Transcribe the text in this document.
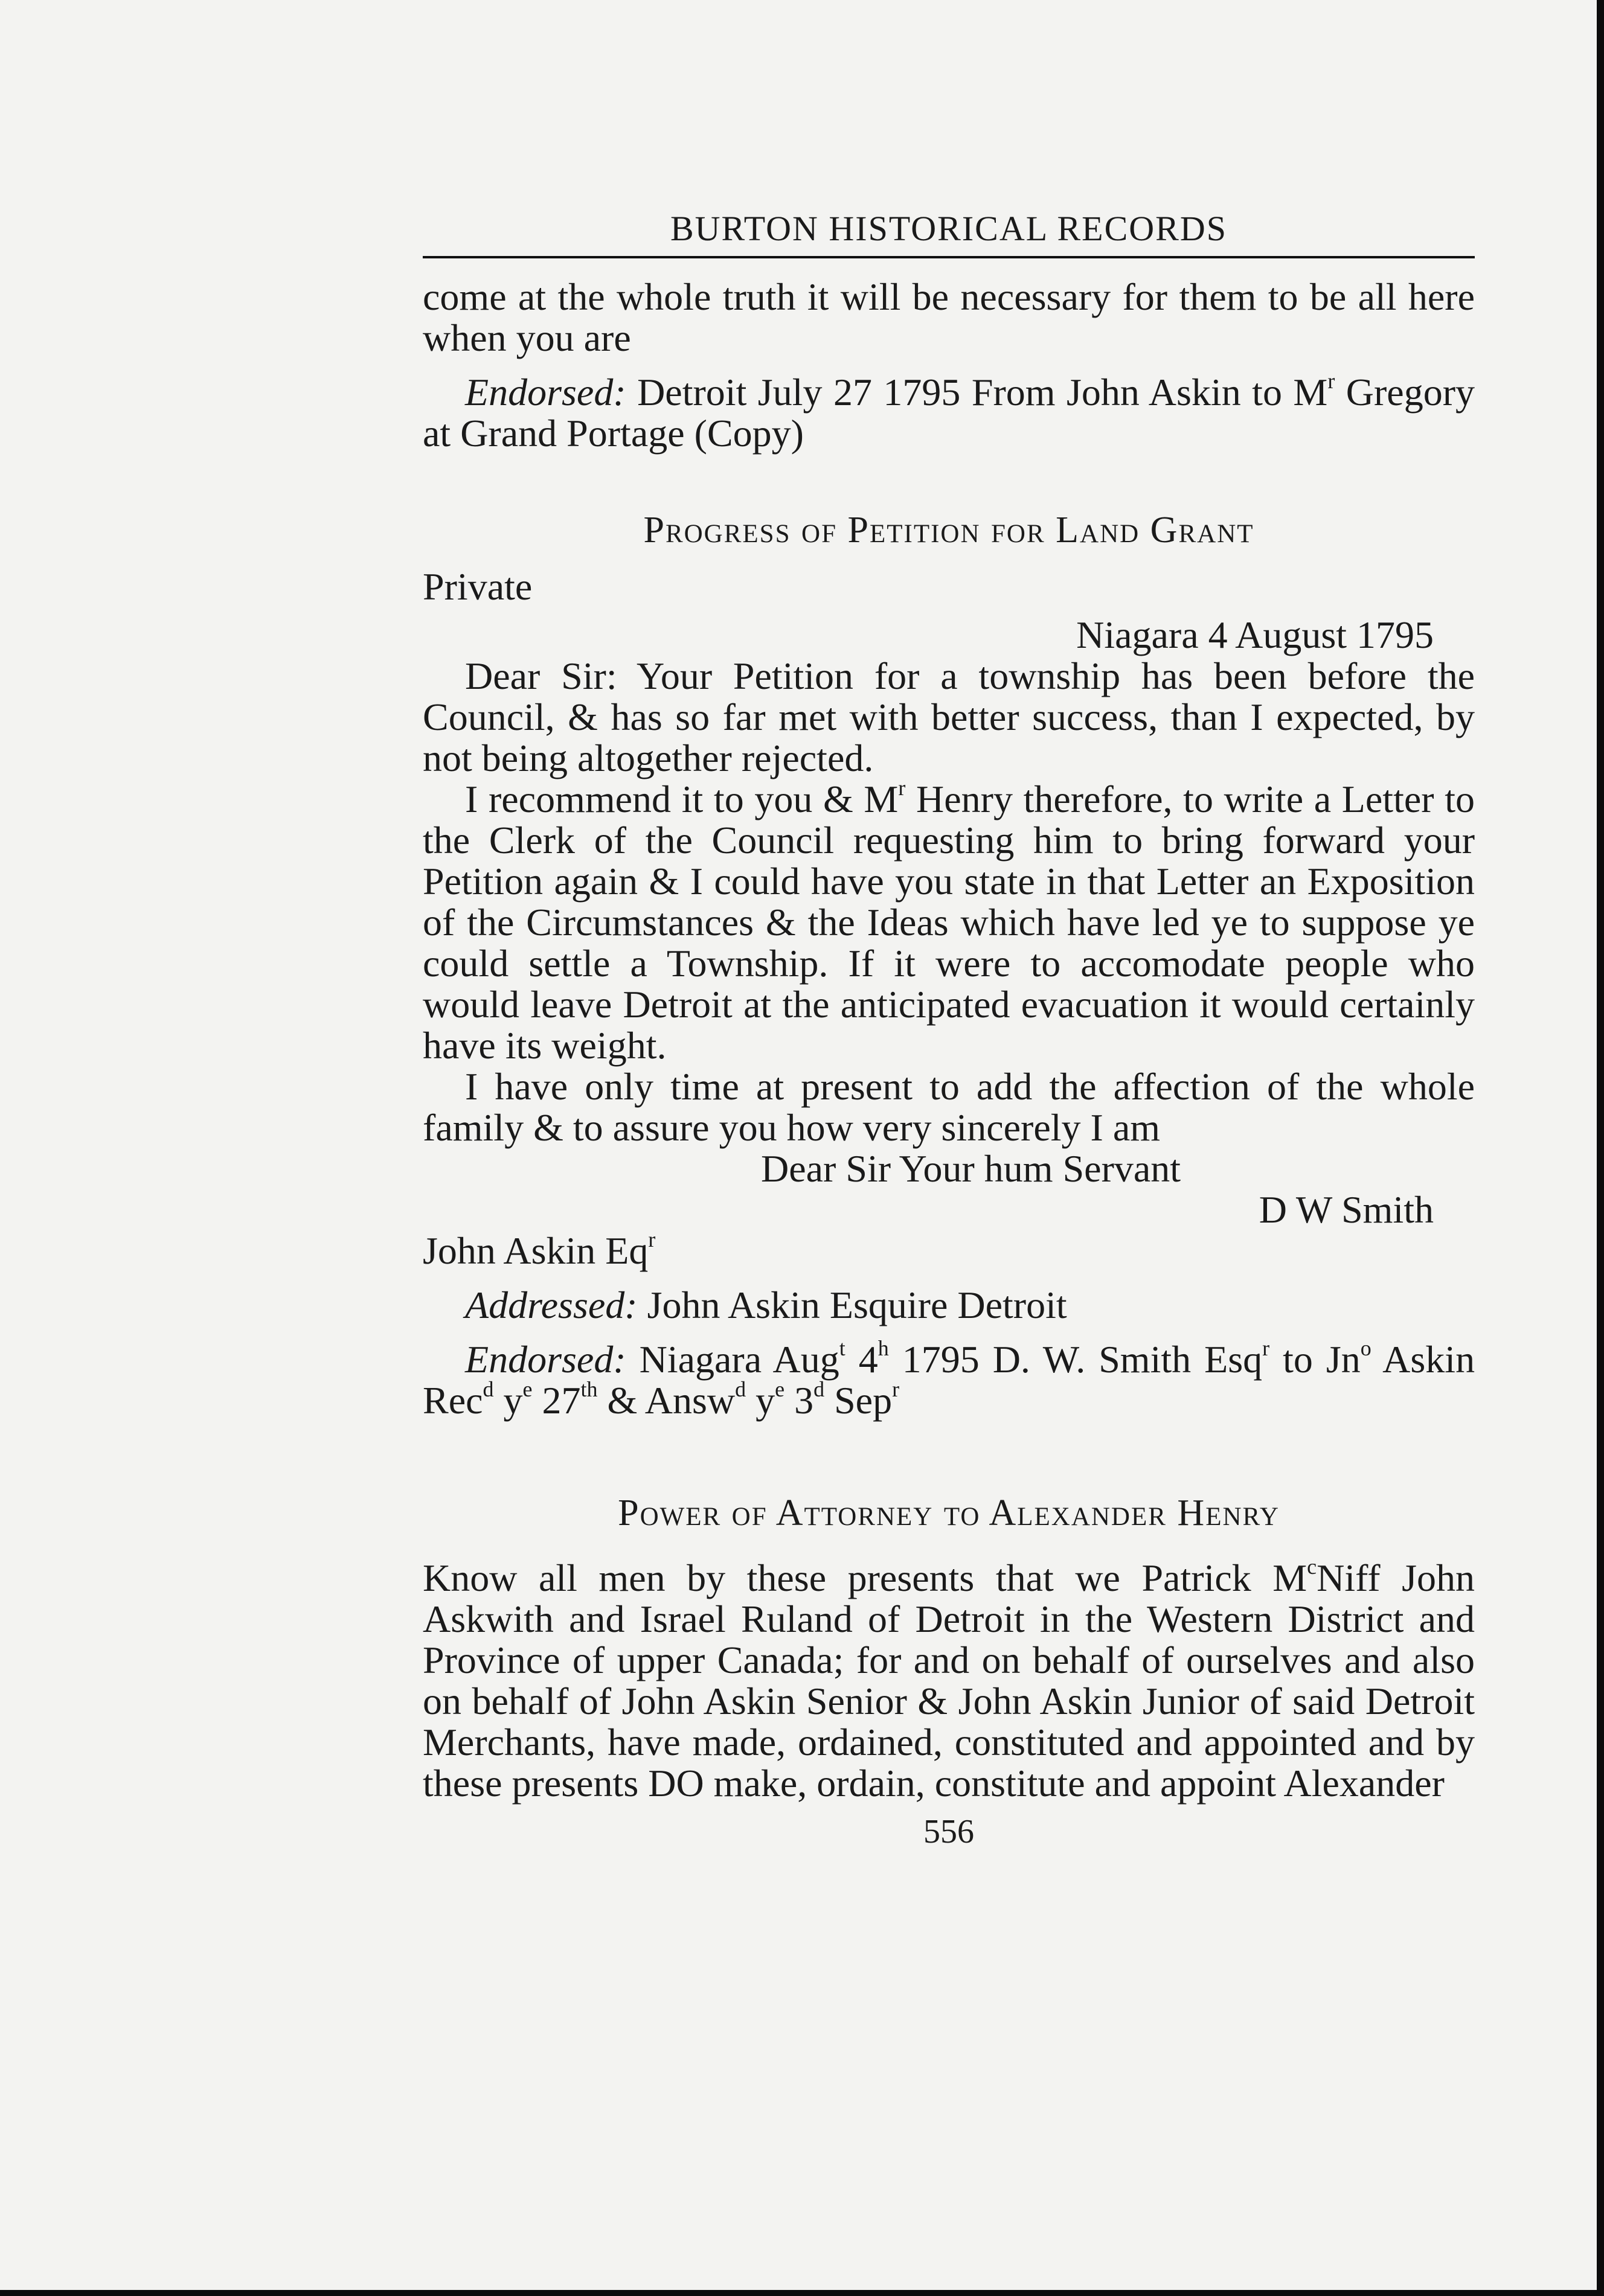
BURTON HISTORICAL RECORDS

come at the whole truth it will be necessary for them to be all here when you are

Endorsed: Detroit July 27 1795 From John Askin to $M^r$ Gregory at Grand Portage (Copy)

Progress of Petition for Land Grant

Private

Niagara 4 August 1795

Dear Sir: Your Petition for a township has been before the Council, & has so far met with better success, than I expected, by not being altogether rejected.

I recommend it to you & $M^r$ Henry therefore, to write a Letter to the Clerk of the Council requesting him to bring forward your Petition again & I could have you state in that Letter an Exposition of the Circumstances & the Ideas which have led ye to suppose ye could settle a Township. If it were to accomodate people who would leave Detroit at the anticipated evacuation it would certainly have its weight.

I have only time at present to add the affection of the whole family & to assure you how very sincerely I am

Dear Sir Your hum Servant

D W Smith

John Askin Eq$^r$

Addressed: John Askin Esquire Detroit

Endorsed: Niagara Aug$^t$ 4$^h$ 1795 D. W. Smith Esq$^r$ to Jn$^o$ Askin Rec$^d$ $y^e$ 27th & Answ$^d$ $y^e$ 3$^d$ Sep$^r$

Power of Attorney to Alexander Henry

Know all men by these presents that we Patrick $M^cNiff$ John Askwith and Israel Ruland of Detroit in the Western District and Province of upper Canada; for and on behalf of ourselves and also on behalf of John Askin Senior & John Askin Junior of said Detroit Merchants, have made, ordained, constituted and appointed and by these presents DO make, ordain, constitute and appoint Alexander

556
